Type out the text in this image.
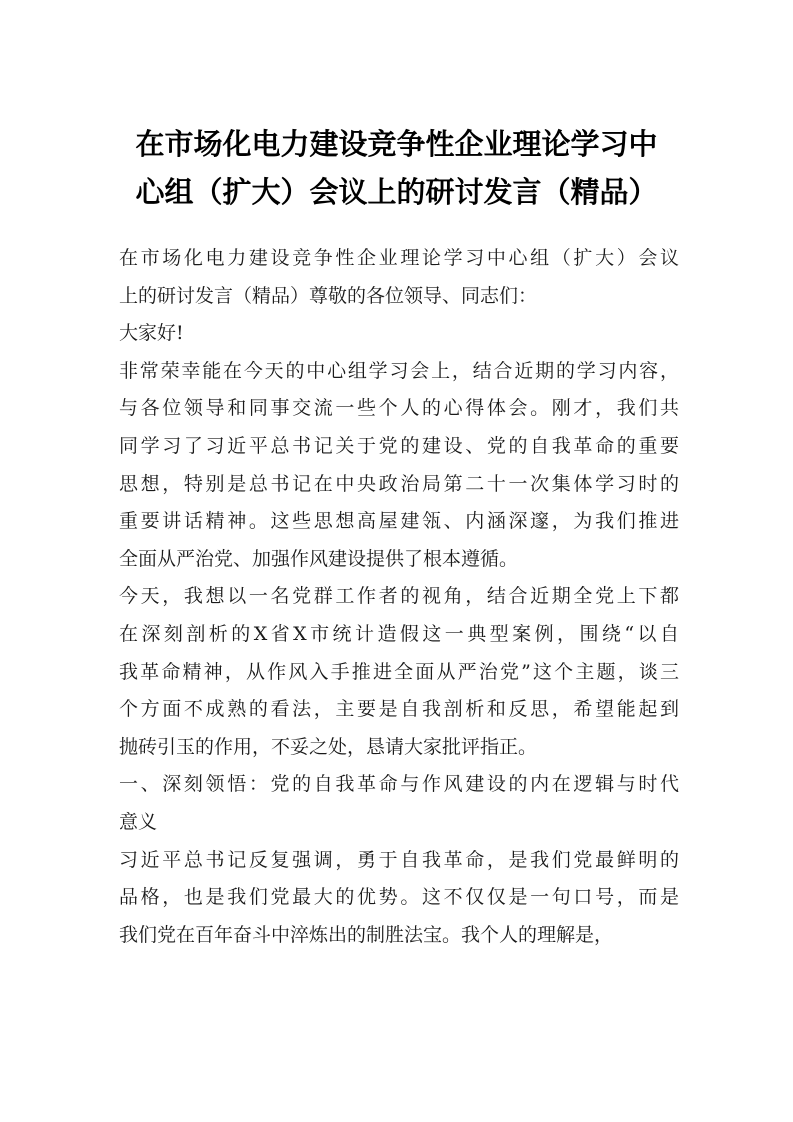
在市场化电力建设竞争性企业理论学习中
心组（扩大）会议上的研讨发言（精品）

在市场化电力建设竞争性企业理论学习中心组（扩大）会议
上的研讨发言（精品）尊敬的各位领导、同志们：

大家好!

非常荣幸能在今天的中心组学习会上，结合近期的学习内容，
与各位领导和同事交流一些个人的心得体会。刚才，我们共
同学习了习近平总书记关于党的建设、党的自我革命的重要
思想，特别是总书记在中央政治局第二十一次集体学习时的
重要讲话精神。这些思想高屋建瓴、内涵深邃，为我们推进
全面从严治党、加强作风建设提供了根本遵循。

今天，我想以一名党群工作者的视角，结合近期全党上下都
在深刻剖析的X省X市统计造假这一典型案例，围绕“以自
我革命精神，从作风入手推进全面从严治党”这个主题，谈三
个方面不成熟的看法，主要是自我剖析和反思，希望能起到
抛砖引玉的作用，不妥之处，恳请大家批评指正。

一、深刻领悟：党的自我革命与作风建设的内在逻辑与时代
意义

习近平总书记反复强调，勇于自我革命，是我们党最鲜明的
品格，也是我们党最大的优势。这不仅仅是一句口号，而是
我们党在百年奋斗中淬炼出的制胜法宝。我个人的理解是，
